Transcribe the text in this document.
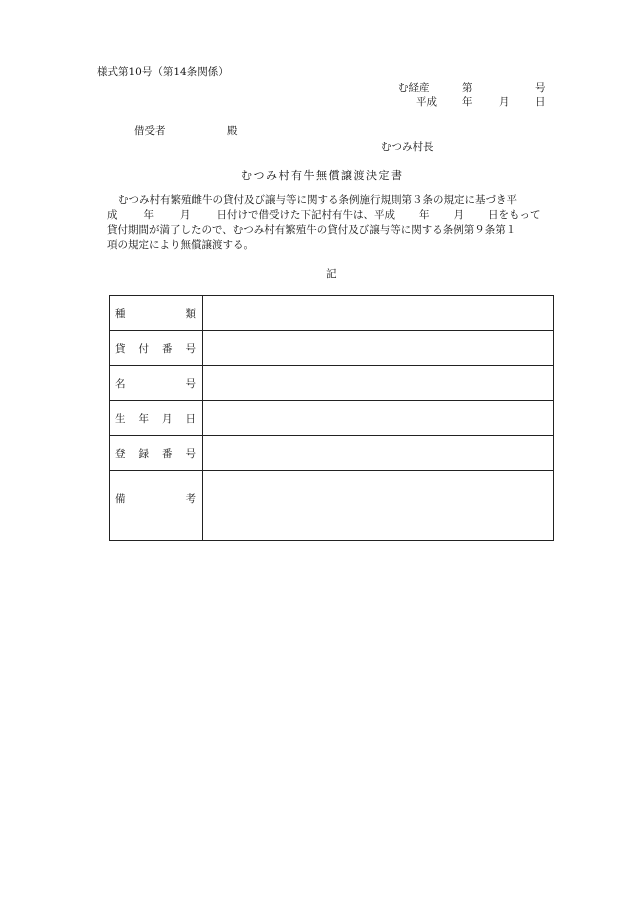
様式第10号（第14条関係）
む経産	第	号
平成 年	月 日
借受者	殿
むつみ村長
むつみ村有牛無償譲渡決定書
むつみ村有繁殖雌牛の貸付及び譲与等に関する条例施行規則第３条の規定に基づき平
成 年 月 日付けで借受けた下記村有牛は、平成 年 月 日をもって
貸付期間が満了したので、むつみ村有繁殖牛の貸付及び譲与等に関する条例第９条第１
項の規定により無償譲渡する。
記
種 類	

貸 付 番 号	

名 号	

生 年 月 日	

登 録 番 号	

備 考	
